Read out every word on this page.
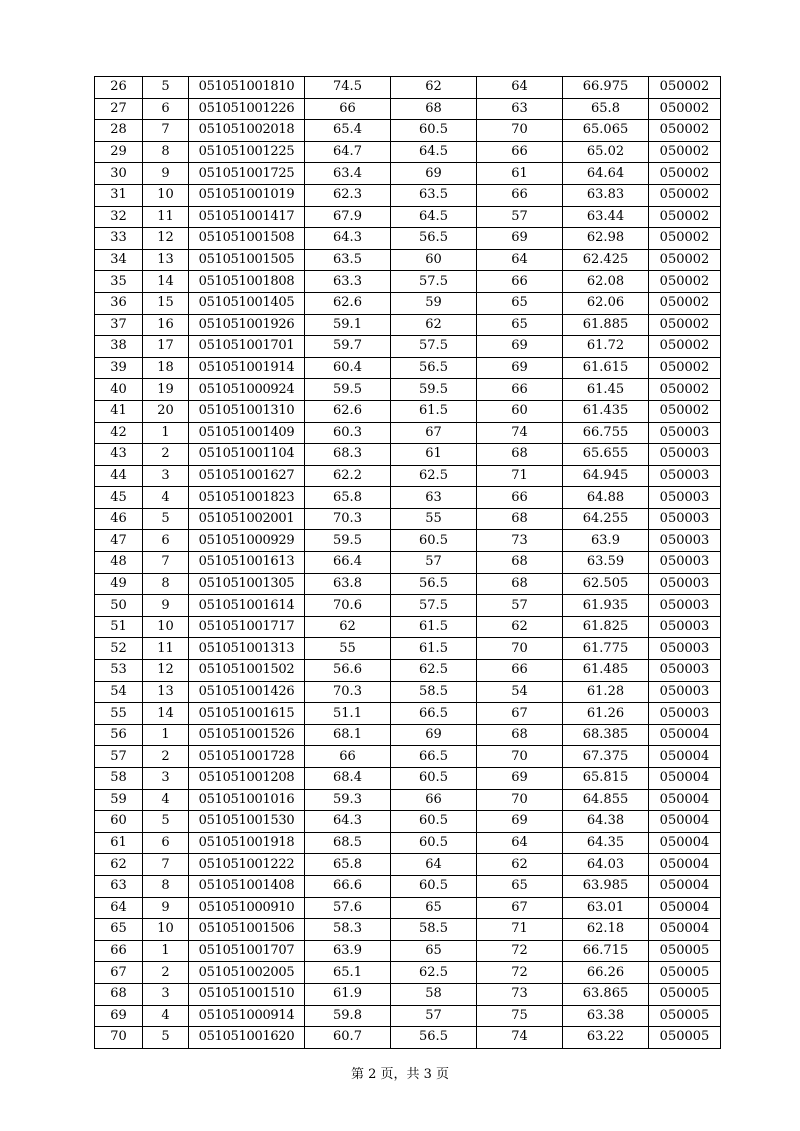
26	5	051051001810	74.5	62	64	66.975	050002
27	6	051051001226	66	68	63	65.8	050002
28	7	051051002018	65.4	60.5	70	65.065	050002
29	8	051051001225	64.7	64.5	66	65.02	050002
30	9	051051001725	63.4	69	61	64.64	050002
31	10	051051001019	62.3	63.5	66	63.83	050002
32	11	051051001417	67.9	64.5	57	63.44	050002
33	12	051051001508	64.3	56.5	69	62.98	050002
34	13	051051001505	63.5	60	64	62.425	050002
35	14	051051001808	63.3	57.5	66	62.08	050002
36	15	051051001405	62.6	59	65	62.06	050002
37	16	051051001926	59.1	62	65	61.885	050002
38	17	051051001701	59.7	57.5	69	61.72	050002
39	18	051051001914	60.4	56.5	69	61.615	050002
40	19	051051000924	59.5	59.5	66	61.45	050002
41	20	051051001310	62.6	61.5	60	61.435	050002
42	1	051051001409	60.3	67	74	66.755	050003
43	2	051051001104	68.3	61	68	65.655	050003
44	3	051051001627	62.2	62.5	71	64.945	050003
45	4	051051001823	65.8	63	66	64.88	050003
46	5	051051002001	70.3	55	68	64.255	050003
47	6	051051000929	59.5	60.5	73	63.9	050003
48	7	051051001613	66.4	57	68	63.59	050003
49	8	051051001305	63.8	56.5	68	62.505	050003
50	9	051051001614	70.6	57.5	57	61.935	050003
51	10	051051001717	62	61.5	62	61.825	050003
52	11	051051001313	55	61.5	70	61.775	050003
53	12	051051001502	56.6	62.5	66	61.485	050003
54	13	051051001426	70.3	58.5	54	61.28	050003
55	14	051051001615	51.1	66.5	67	61.26	050003
56	1	051051001526	68.1	69	68	68.385	050004
57	2	051051001728	66	66.5	70	67.375	050004
58	3	051051001208	68.4	60.5	69	65.815	050004
59	4	051051001016	59.3	66	70	64.855	050004
60	5	051051001530	64.3	60.5	69	64.38	050004
61	6	051051001918	68.5	60.5	64	64.35	050004
62	7	051051001222	65.8	64	62	64.03	050004
63	8	051051001408	66.6	60.5	65	63.985	050004
64	9	051051000910	57.6	65	67	63.01	050004
65	10	051051001506	58.3	58.5	71	62.18	050004
66	1	051051001707	63.9	65	72	66.715	050005
67	2	051051002005	65.1	62.5	72	66.26	050005
68	3	051051001510	61.9	58	73	63.865	050005
69	4	051051000914	59.8	57	75	63.38	050005
70	5	051051001620	60.7	56.5	74	63.22	050005
第 2 页，共 3 页
